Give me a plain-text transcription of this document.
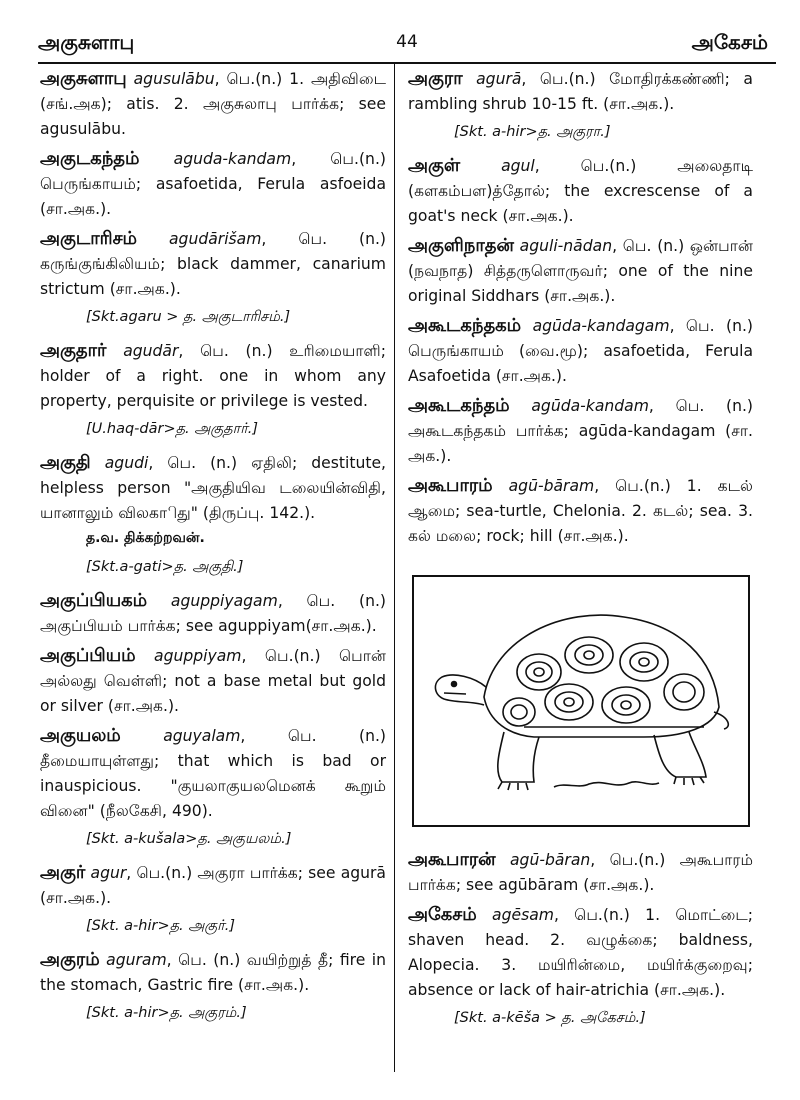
அகுசுளாபு	44	அகேசம்
அகுசுளாபு agusulābu, பெ.(n.) 1. அதிவிடை (சங்.அக); atis. 2. அகுசுலாபு பார்க்க; see agusulābu.
அகுடகந்தம் aguda-kandam, பெ.(n.) பெருங்காயம்; asafoetida, Ferula asfoeida (சா.அக.).
அகுடாரிசம் agudārišam, பெ. (n.) கருங்குங்கிலியம்; black dammer, canarium strictum (சா.அக.).
[Skt.agaru > த. அகுடாரிசம்.]
அகுதார் agudār, பெ. (n.) உரிமையாளி; holder of a right. one in whom any property, perquisite or privilege is vested.
[U.haq-dār>த. அகுதார்.]
அகுதி agudi, பெ. (n.) ஏதிலி; destitute, helpless person "அகுதியிவ டலையின்விதி, யானாலும் விலகாிது" (திருப்பு. 142.).
த.வ. திக்கற்றவன்.
[Skt.a-gati>த. அகுதி.]
அகுப்பியகம் aguppiyagam, பெ. (n.) அகுப்பியம் பார்க்க; see aguppiyam(சா.அக.).
அகுப்பியம் aguppiyam, பெ.(n.) பொன் அல்லது வெள்ளி; not a base metal but gold or silver (சா.அக.).
அகுயலம்	aguyalam, பெ. (n.) தீமையாயுள்ளது; that which is bad or inauspicious. "குயலாகுயலமெனக் கூறும் வினை" (நீலகேசி, 490).
[Skt. a-kušala>த. அகுயலம்.]
அகுர் agur, பெ.(n.) அகுரா பார்க்க; see agurā (சா.அக.).
[Skt. a-hir>த. அகுர்.]
அகுரம் aguram, பெ. (n.) வயிற்றுத் தீ; fire in the stomach, Gastric fire (சா.அக.).
[Skt. a-hir>த. அகுரம்.]
அகுரா agurā, பெ.(n.) மோதிரக்கண்ணி; a rambling shrub 10-15 ft. (சா.அக.).
[Skt. a-hir>த. அகுரா.]
அகுள்	agul, பெ.(n.) அலைதாடி (களகம்பள)த்தோல்; the excrescense of a goat's neck (சா.அக.).
அகுளிநாதன் aguli-nādan, பெ. (n.) ஒன்பான் (நவநாத) சித்தருளொருவர்; one of the nine original Siddhars (சா.அக.).
அகூடகந்தகம் agūda-kandagam, பெ. (n.) பெருங்காயம் (வை.மூ); asafoetida, Ferula Asafoetida (சா.அக.).
அகூடகந்தம் agūda-kandam, பெ. (n.) அகூடகந்தகம் பார்க்க; agūda-kandagam (சா. அக.).
அகூபாரம் agū-bāram, பெ.(n.) 1. கடல் ஆமை; sea-turtle, Chelonia. 2. கடல்; sea. 3. கல் மலை; rock; hill (சா.அக.).
அகூபாரன் agū-bāran, பெ.(n.) அகூபாரம் பார்க்க; see agūbāram (சா.அக.).
அகேசம் agēsam, பெ.(n.) 1. மொட்டை; shaven head. 2. வழுக்கை; baldness, Alopecia. 3. மயிரின்மை, மயிர்க்குறைவு; absence or lack of hair-atrichia (சா.அக.).
[Skt. a-kēša > த. அகேசம்.]
